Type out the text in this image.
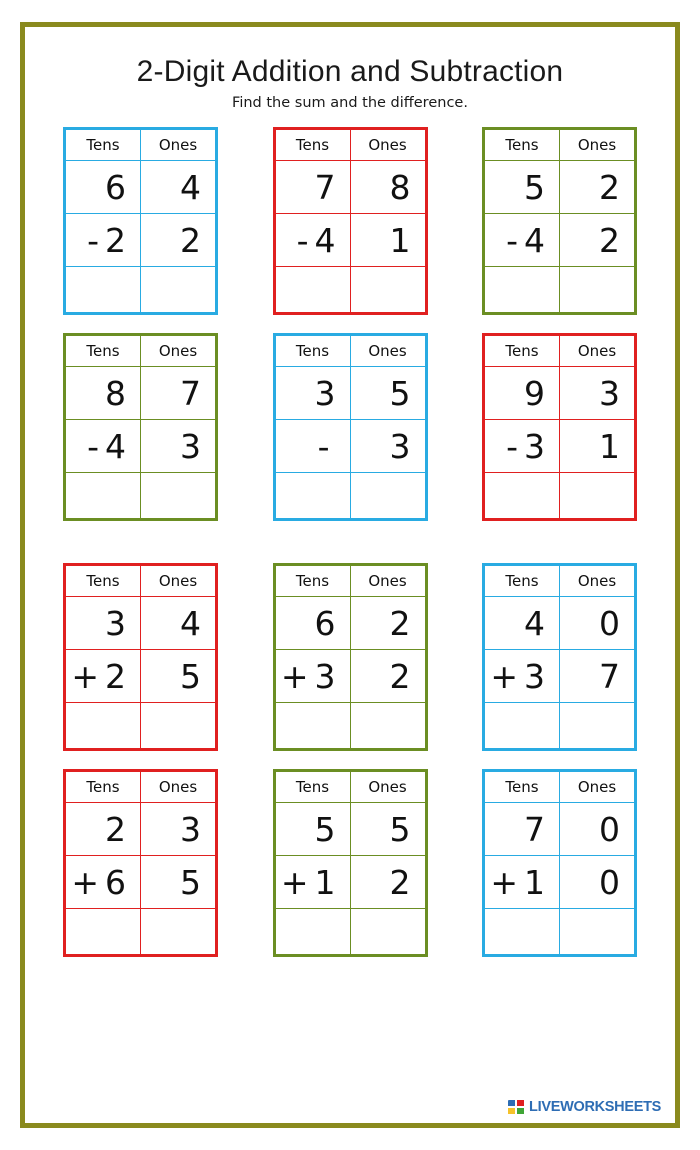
2-Digit Addition and Subtraction
Find the sum and the difference.
Tens	Ones
6	4
- 2	2

Tens	Ones
7	8
- 4	1

Tens	Ones
5	2
- 4	2

Tens	Ones
8	7
- 4	3

Tens	Ones
3	5
-	3

Tens	Ones
9	3
- 3	1

Tens	Ones
3	4
+ 2	5

Tens	Ones
6	2
+ 3	2

Tens	Ones
4	0
+ 3	7

Tens	Ones
2	3
+ 6	5

Tens	Ones
5	5
+ 1	2

Tens	Ones
7	0
+ 1	0

LIVEWORKSHEETS
